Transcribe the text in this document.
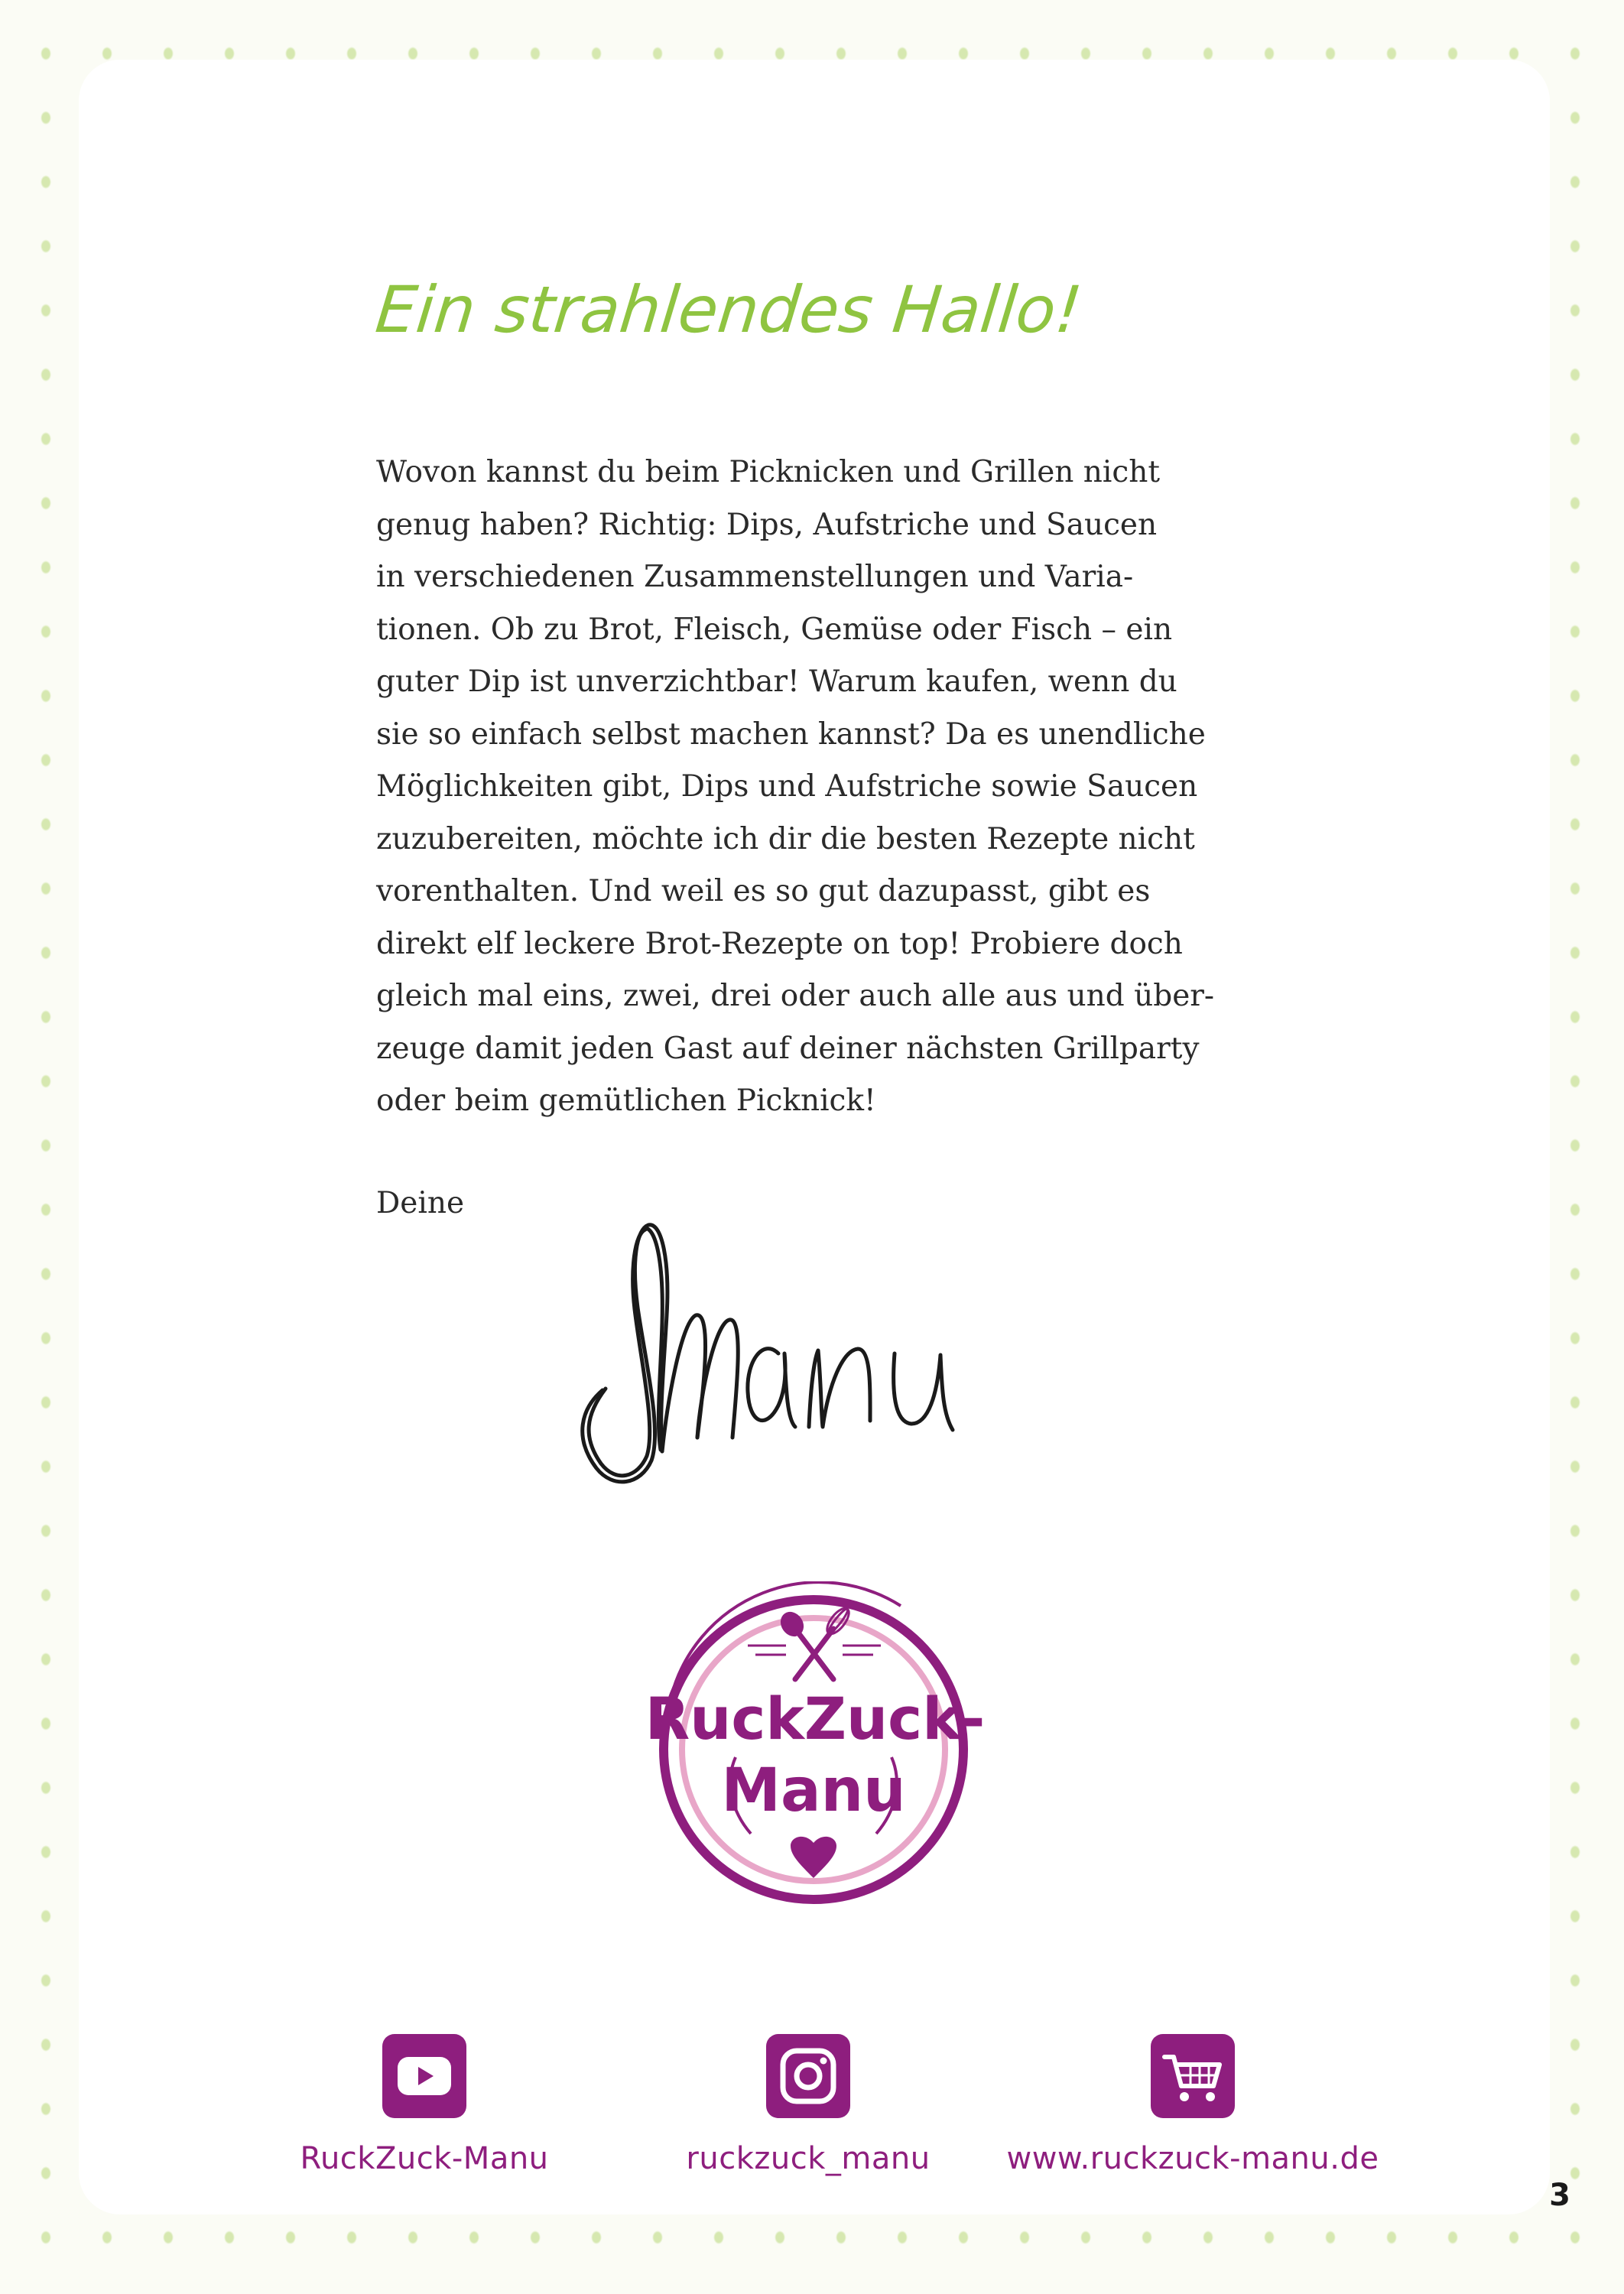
Ein strahlendes Hallo!

Wovon kannst du beim Picknicken und Grillen nicht
genug haben? Richtig: Dips, Aufstriche und Saucen
in verschiedenen Zusammenstellungen und Varia-
tionen. Ob zu Brot, Fleisch, Gemüse oder Fisch – ein
guter Dip ist unverzichtbar! Warum kaufen, wenn du
sie so einfach selbst machen kannst? Da es unendliche
Möglichkeiten gibt, Dips und Aufstriche sowie Saucen
zuzubereiten, möchte ich dir die besten Rezepte nicht
vorenthalten. Und weil es so gut dazupasst, gibt es
direkt elf leckere Brot-Rezepte on top! Probiere doch
gleich mal eins, zwei, drei oder auch alle aus und über-
zeuge damit jeden Gast auf deiner nächsten Grillparty
oder beim gemütlichen Picknick!

Deine

RuckZuck-
Manu
RuckZuck-Manu	ruckzuck_manu	www.ruckzuck-manu.de
3
